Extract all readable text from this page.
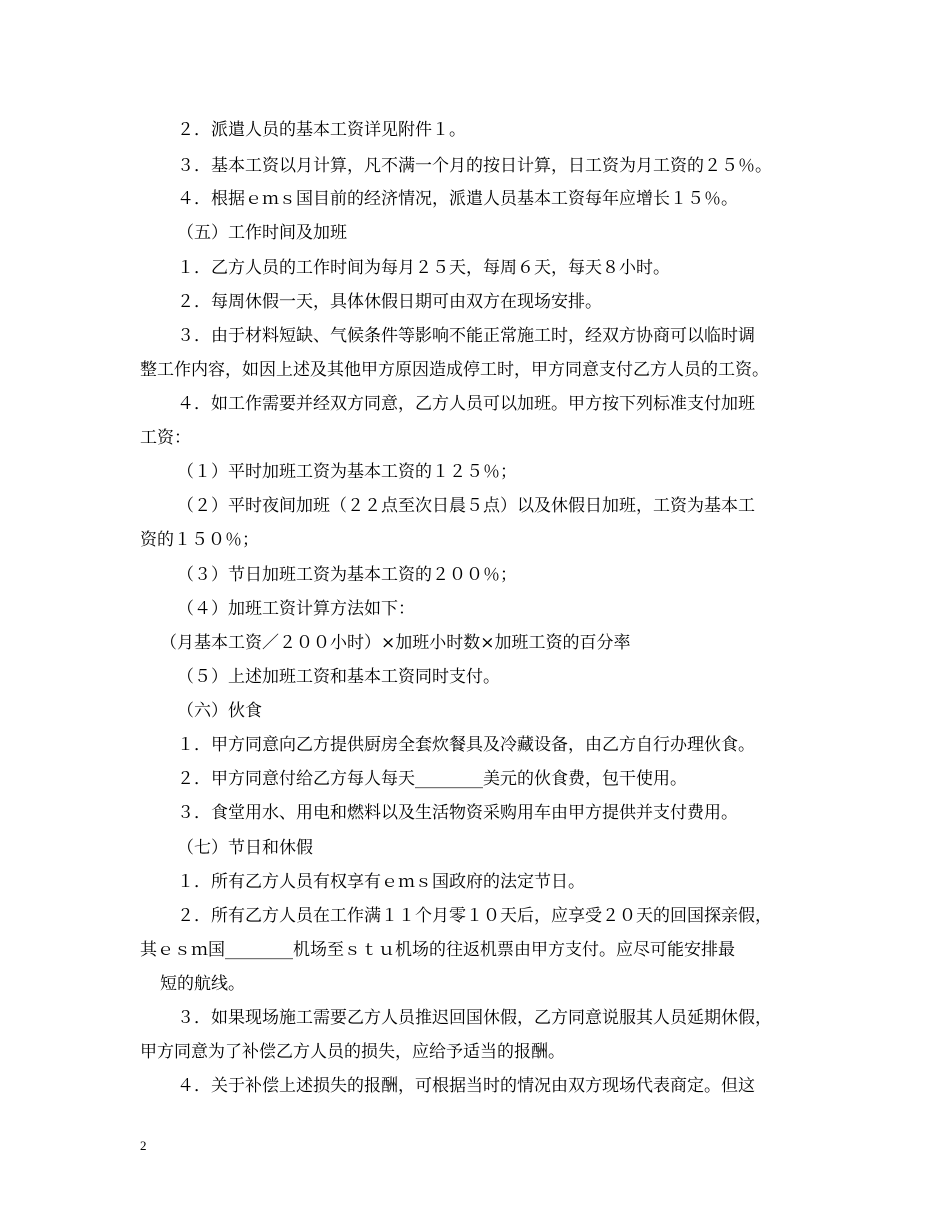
２．派遣人员的基本工资详见附件１。
３．基本工资以月计算，凡不满一个月的按日计算，日工资为月工资的２５％。
４．根据ｅｍｓ国目前的经济情况，派遣人员基本工资每年应增长１５％。
（五）工作时间及加班
１．乙方人员的工作时间为每月２５天，每周６天，每天８小时。
２．每周休假一天，具体休假日期可由双方在现场安排。
３．由于材料短缺、气候条件等影响不能正常施工时，经双方协商可以临时调
整工作内容，如因上述及其他甲方原因造成停工时，甲方同意支付乙方人员的工资。
４．如工作需要并经双方同意，乙方人员可以加班。甲方按下列标准支付加班
工资：
（１）平时加班工资为基本工资的１２５％；
（２）平时夜间加班（２２点至次日晨５点）以及休假日加班，工资为基本工
资的１５０％；
（３）节日加班工资为基本工资的２００％；
（４）加班工资计算方法如下：
（月基本工资／２００小时）×加班小时数×加班工资的百分率
（５）上述加班工资和基本工资同时支付。
（六）伙食
１．甲方同意向乙方提供厨房全套炊餐具及冷藏设备，由乙方自行办理伙食。
２．甲方同意付给乙方每人每天________美元的伙食费，包干使用。
３．食堂用水、用电和燃料以及生活物资采购用车由甲方提供并支付费用。
（七）节日和休假
１．所有乙方人员有权享有ｅｍｓ国政府的法定节日。
２．所有乙方人员在工作满１１个月零１０天后，应享受２０天的回国探亲假，
其ｅｓｍ国________机场至ｓｔｕ机场的往返机票由甲方支付。应尽可能安排最
短的航线。
３．如果现场施工需要乙方人员推迟回国休假，乙方同意说服其人员延期休假，
甲方同意为了补偿乙方人员的损失，应给予适当的报酬。
４．关于补偿上述损失的报酬，可根据当时的情况由双方现场代表商定。但这
2
